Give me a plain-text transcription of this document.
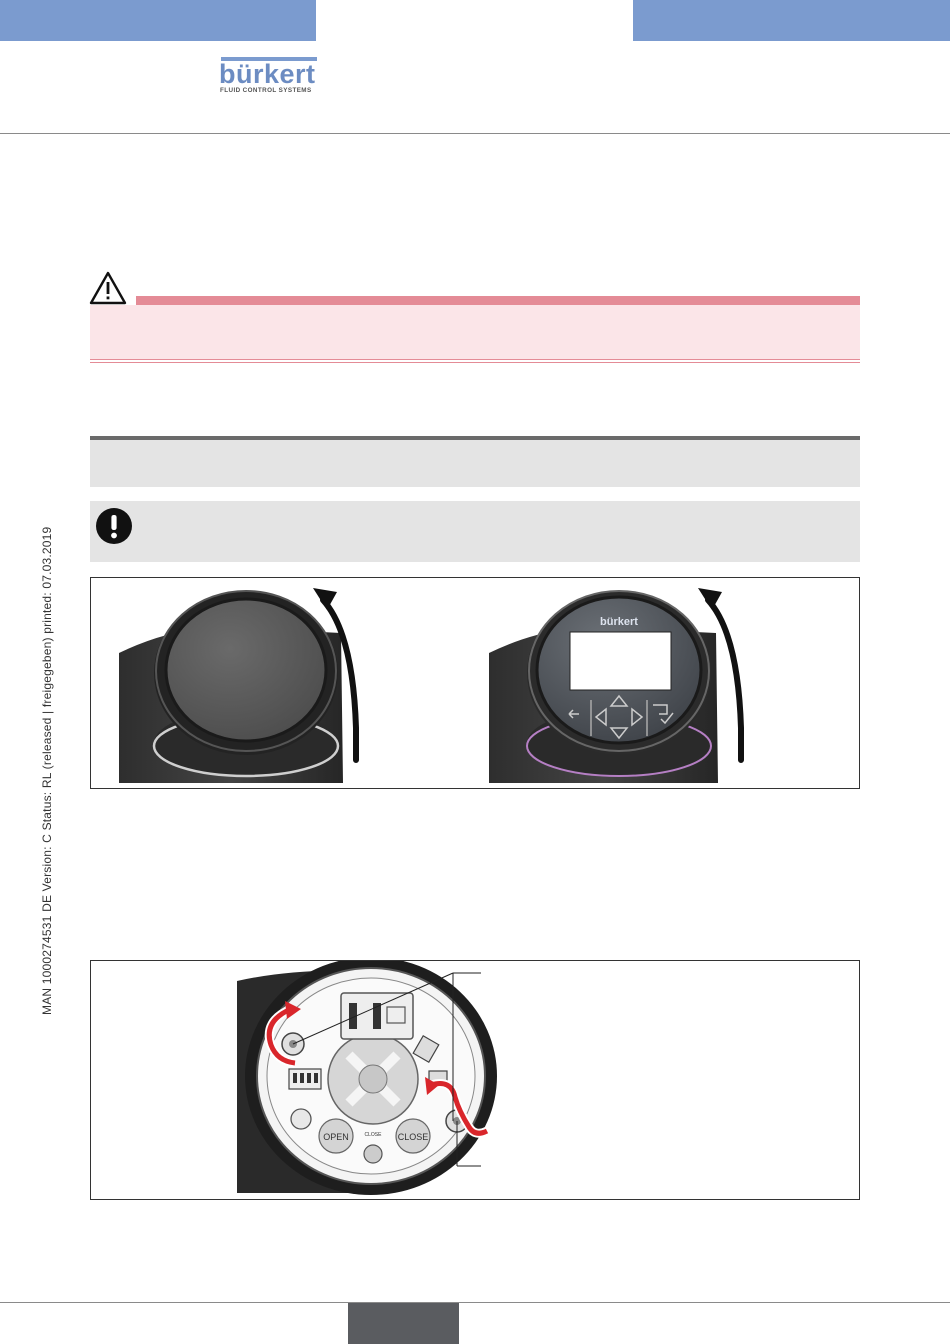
bürkert
FLUID CONTROL SYSTEMS
MAN 1000274531 DE Version: C Status: RL (released | freigegeben) printed: 07.03.2019	bürkert
OPEN	CLOSE
CLOSE
